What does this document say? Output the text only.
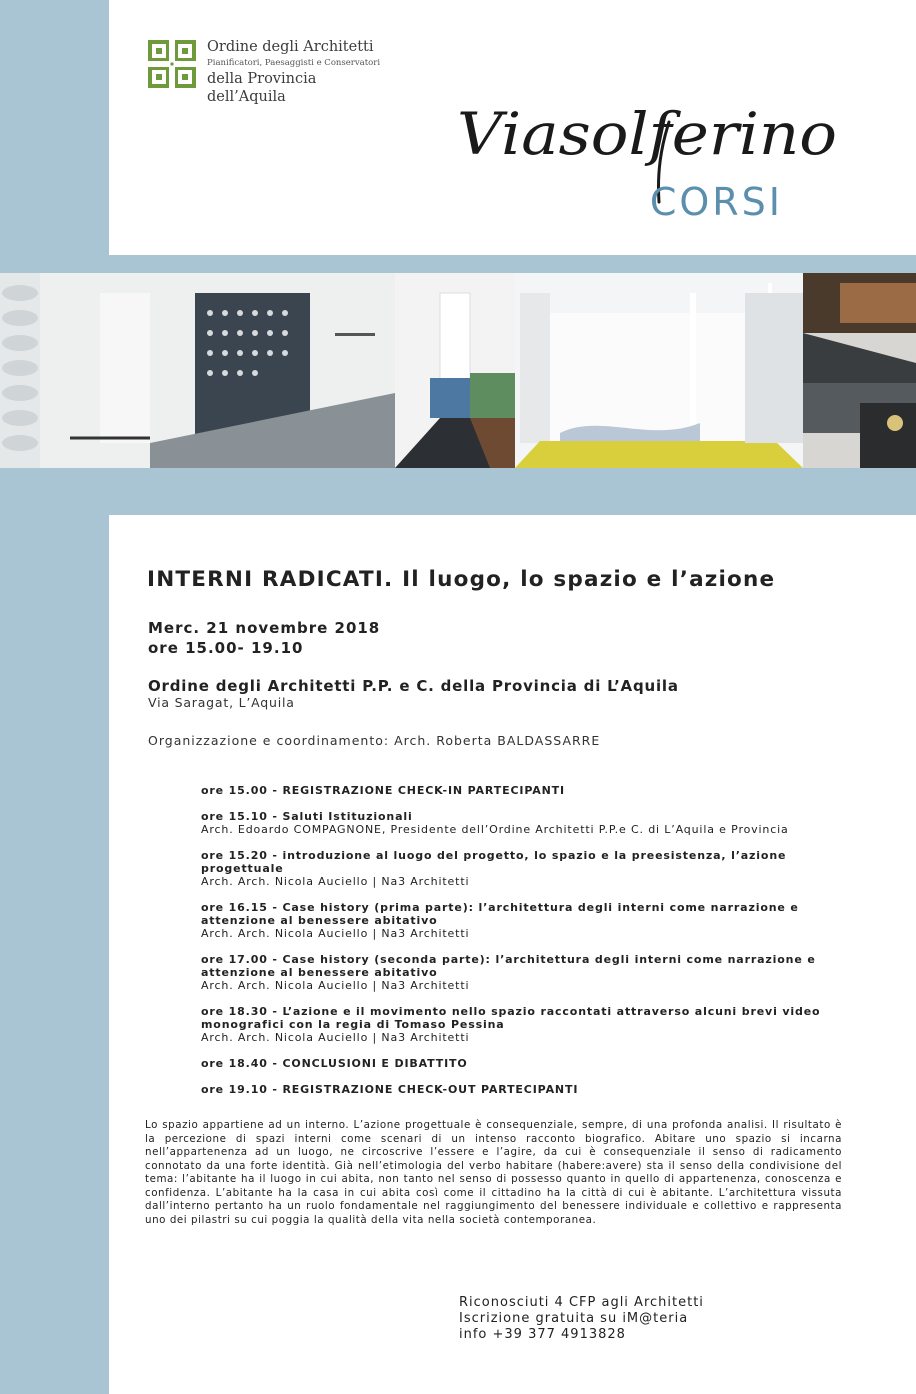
Ordine degli Architetti
Pianificatori, Paesaggisti e Conservatori
della Provincia dell’Aquila
Viasolferino
CORSI
INTERNI RADICATI. Il luogo, lo spazio e l’azione
Merc. 21 novembre 2018
ore 15.00- 19.10
Ordine degli Architetti P.P. e C. della Provincia di L’Aquila
Via Saragat, L’Aquila
Organizzazione e coordinamento: Arch. Roberta BALDASSARRE
ore 15.00 - REGISTRAZIONE CHECK-IN PARTECIPANTI
ore 15.10 - Saluti Istituzionali
Arch. Edoardo COMPAGNONE, Presidente dell’Ordine Architetti P.P.e C. di L’Aquila e Provincia
ore 15.20 - introduzione al luogo del progetto, lo spazio e la preesistenza, l’azione progettuale
Arch. Arch. Nicola Auciello | Na3 Architetti
ore 16.15 - Case history (prima parte): l’architettura degli interni come narrazione e attenzione al benessere abitativo
Arch. Arch. Nicola Auciello | Na3 Architetti
ore 17.00 - Case history (seconda parte): l’architettura degli interni come narrazione e attenzione al benessere abitativo
Arch. Arch. Nicola Auciello | Na3 Architetti
ore 18.30 - L’azione e il movimento nello spazio raccontati attraverso alcuni brevi video monografici con la regia di Tomaso Pessina
Arch. Arch. Nicola Auciello | Na3 Architetti
ore 18.40 - CONCLUSIONI E DIBATTITO
ore 19.10 - REGISTRAZIONE CHECK-OUT PARTECIPANTI
Lo spazio appartiene ad un interno. L’azione progettuale è consequenziale, sempre, di una profonda analisi. Il risultato è la percezione di spazi interni come scenari di un intenso racconto biografico. Abitare uno spazio si incarna nell’appartenenza ad un luogo, ne circoscrive l’essere e l’agire, da cui è consequenziale il senso di radicamento connotato da una forte identità. Già nell’etimologia del verbo habitare (habere:avere) sta il senso della condivisione del tema: l’abitante ha il luogo in cui abita, non tanto nel senso di possesso quanto in quello di appartenenza, conoscenza e confidenza. L’abitante ha la casa in cui abita così come il cittadino ha la città di cui è abitante. L’architettura vissuta dall’interno pertanto ha un ruolo fondamentale nel raggiungimento del benessere individuale e collettivo e rappresenta uno dei pilastri su cui poggia la qualità della vita nella società contemporanea.
Riconosciuti 4 CFP agli Architetti
Iscrizione gratuita su iM@teria
info +39 377 4913828
